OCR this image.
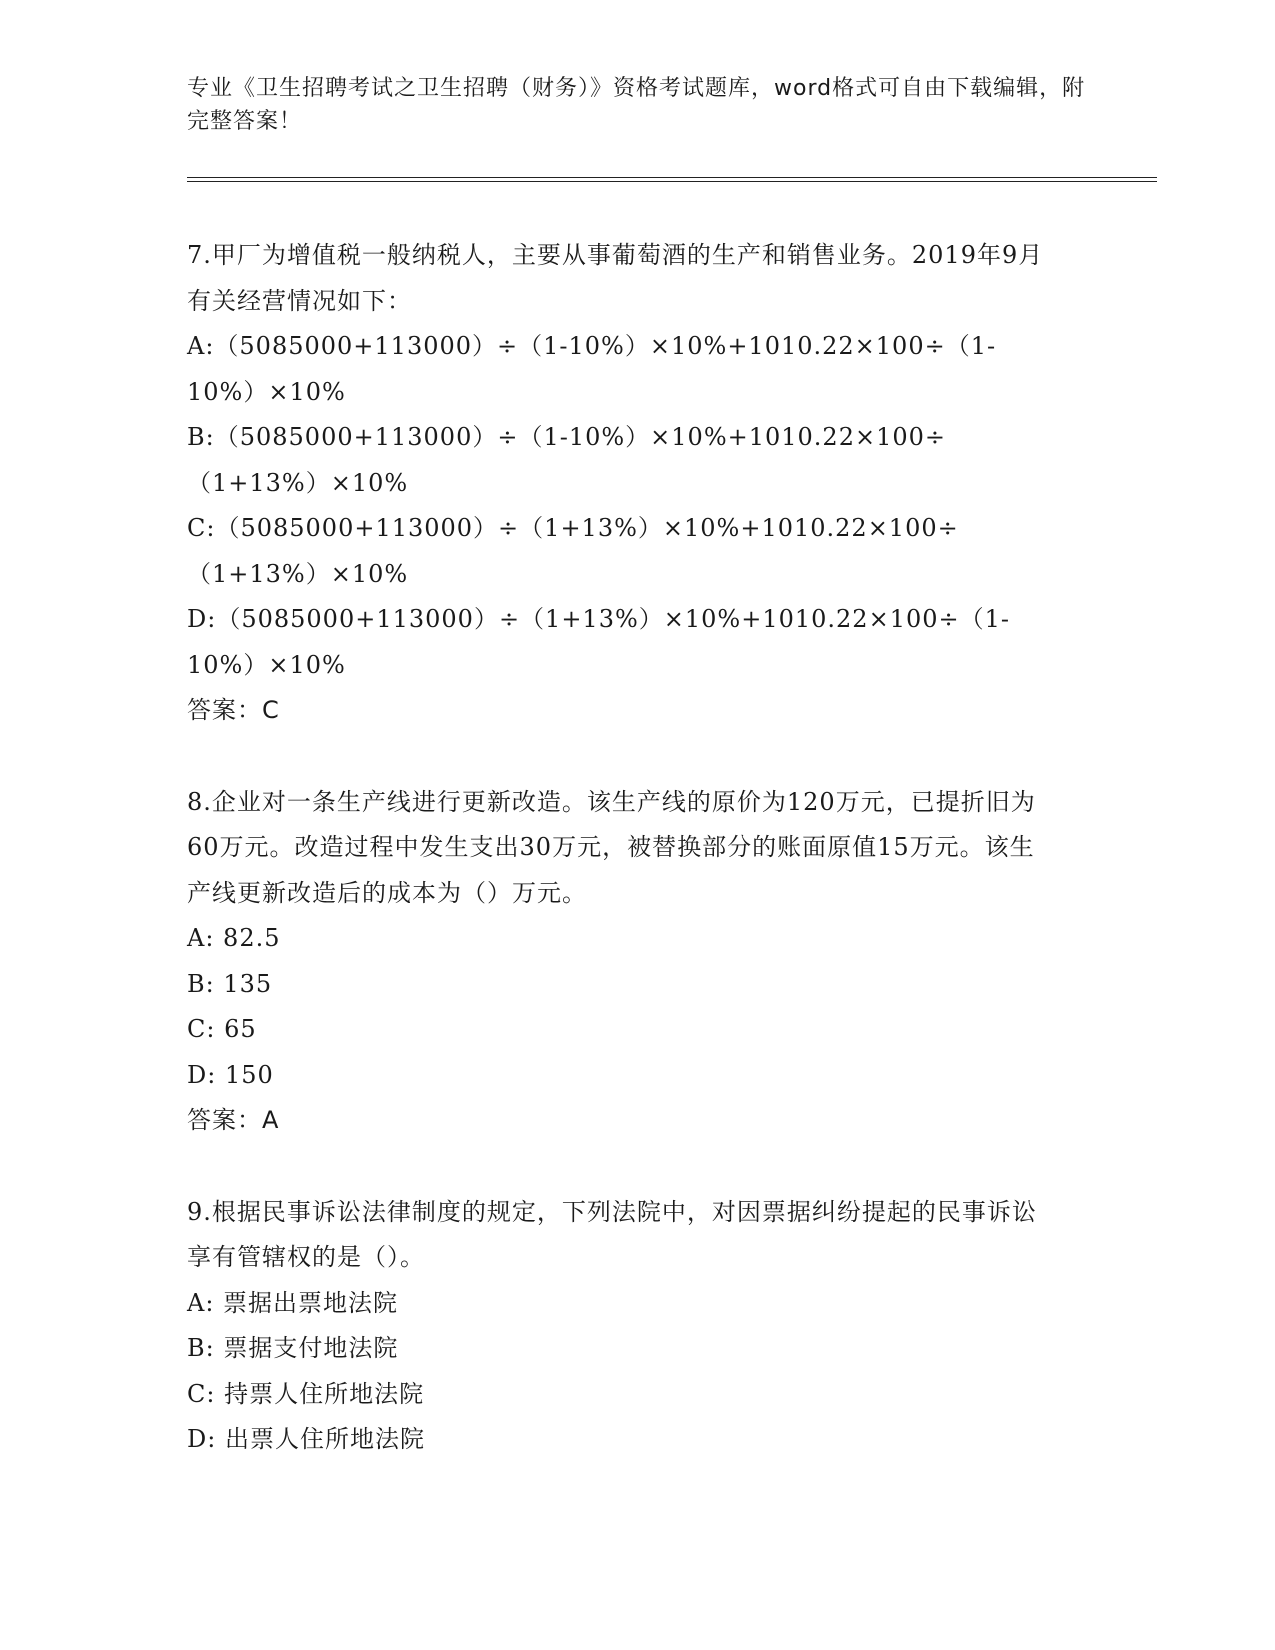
专业《卫生招聘考试之卫生招聘（财务）》资格考试题库，word格式可自由下载编辑，附完整答案！
7.甲厂为增值税一般纳税人，主要从事葡萄酒的生产和销售业务。2019年9月有关经营情况如下：
A:（5085000+113000）÷（1-10%）×10%+1010.22×100÷（1-10%）×10%
B:（5085000+113000）÷（1-10%）×10%+1010.22×100÷（1+13%）×10%
C:（5085000+113000）÷（1+13%）×10%+1010.22×100÷（1+13%）×10%
D:（5085000+113000）÷（1+13%）×10%+1010.22×100÷（1-10%）×10%
答案：C
8.企业对一条生产线进行更新改造。该生产线的原价为120万元，已提折旧为60万元。改造过程中发生支出30万元，被替换部分的账面原值15万元。该生产线更新改造后的成本为（）万元。
A: 82.5
B: 135
C: 65
D: 150
答案：A
9.根据民事诉讼法律制度的规定，下列法院中，对因票据纠纷提起的民事诉讼享有管辖权的是（）。
A: 票据出票地法院
B: 票据支付地法院
C: 持票人住所地法院
D: 出票人住所地法院
